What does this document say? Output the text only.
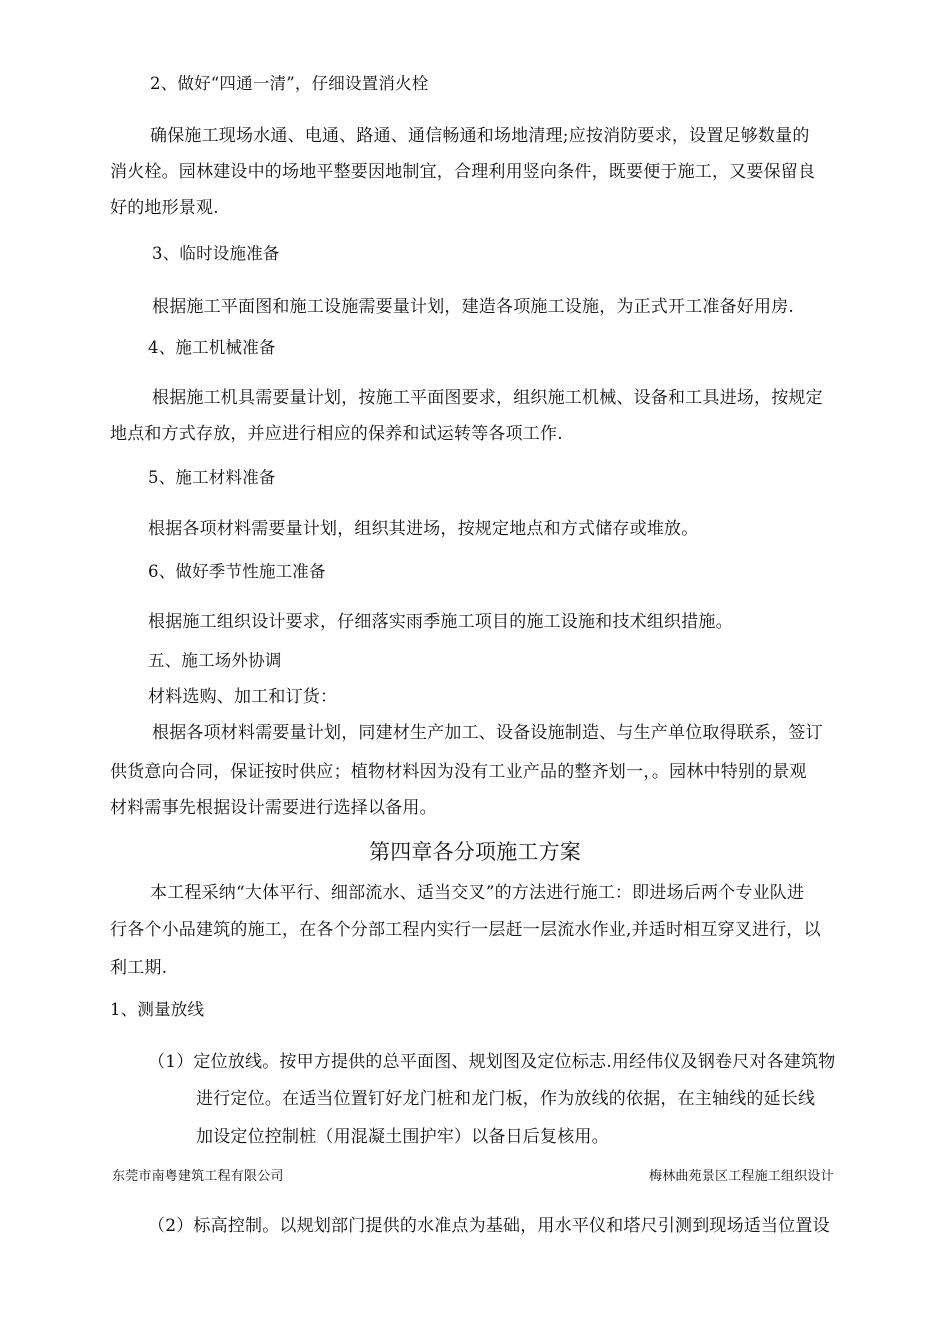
2、做好“四通一清”，仔细设置消火栓
确保施工现场水通、电通、路通、通信畅通和场地清理;应按消防要求，设置足够数量的
消火栓。园林建设中的场地平整要因地制宜，合理利用竖向条件，既要便于施工，又要保留良
好的地形景观.
3、临时设施准备
根据施工平面图和施工设施需要量计划，建造各项施工设施，为正式开工准备好用房.
4、施工机械准备
根据施工机具需要量计划，按施工平面图要求，组织施工机械、设备和工具进场，按规定
地点和方式存放，并应进行相应的保养和试运转等各项工作.
5、施工材料准备
根据各项材料需要量计划，组织其进场，按规定地点和方式储存或堆放。
6、做好季节性施工准备
根据施工组织设计要求，仔细落实雨季施工项目的施工设施和技术组织措施。
五、施工场外协调
材料选购、加工和订货：
根据各项材料需要量计划，同建材生产加工、设备设施制造、与生产单位取得联系，签订
供货意向合同，保证按时供应；植物材料因为没有工业产品的整齐划一，。园林中特别的景观
材料需事先根据设计需要进行选择以备用。
第四章各分项施工方案
本工程采纳“大体平行、细部流水、适当交叉”的方法进行施工：即进场后两个专业队进
行各个小品建筑的施工，在各个分部工程内实行一层赶一层流水作业,并适时相互穿叉进行，以
利工期.
1、测量放线
（1）定位放线。按甲方提供的总平面图、规划图及定位标志.用经伟仪及钢卷尺对各建筑物
进行定位。在适当位置钉好龙门桩和龙门板，作为放线的依据，在主轴线的延长线
加设定位控制桩（用混凝土围护牢）以备日后复核用。
东莞市南粤建筑工程有限公司	梅林曲苑景区工程施工组织设计
（2）标高控制。以规划部门提供的水准点为基础，用水平仪和塔尺引测到现场适当位置设
